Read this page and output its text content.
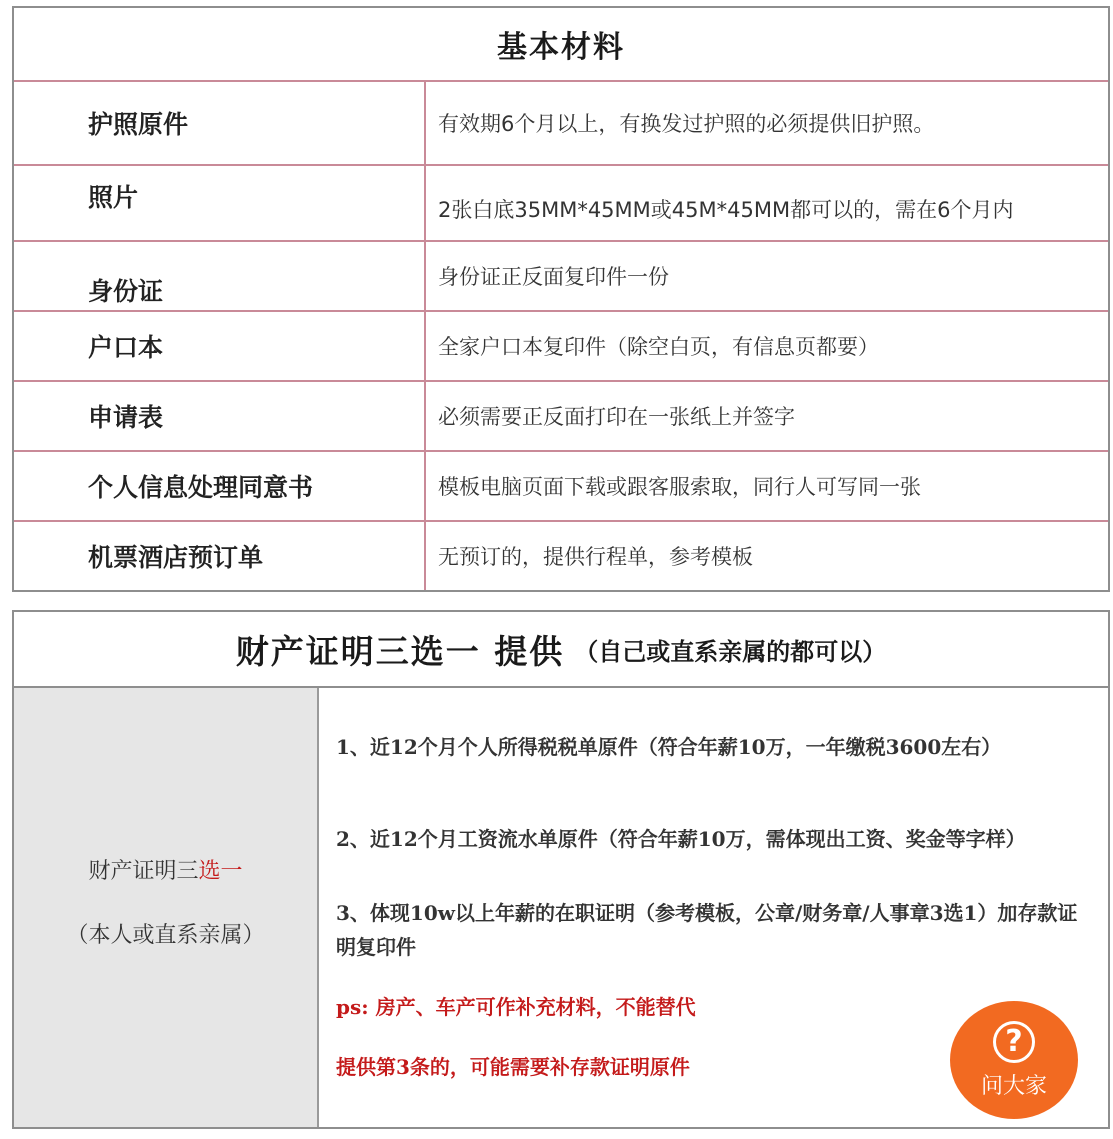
基本材料
护照原件	有效期6个月以上，有换发过护照的必须提供旧护照。
照片	2张白底35MM*45MM或45M*45MM都可以的，需在6个月内
身份证	身份证正反面复印件一份
户口本	全家户口本复印件（除空白页，有信息页都要）
申请表	必须需要正反面打印在一张纸上并签字
个人信息处理同意书	模板电脑页面下载或跟客服索取，同行人可写同一张
机票酒店预订单	无预订的，提供行程单，参考模板
财产证明三选一 提供 （自己或直系亲属的都可以）
财产证明三选一
（本人或直系亲属）
1、近12个月个人所得税税单原件（符合年薪10万，一年缴税3600左右）
2、近12个月工资流水单原件（符合年薪10万，需体现出工资、奖金等字样）
3、体现10w以上年薪的在职证明（参考模板，公章/财务章/人事章3选1）加存款证明复印件
ps: 房产、车产可作补充材料，不能替代
提供第3条的，可能需要补存款证明原件
?
问大家
